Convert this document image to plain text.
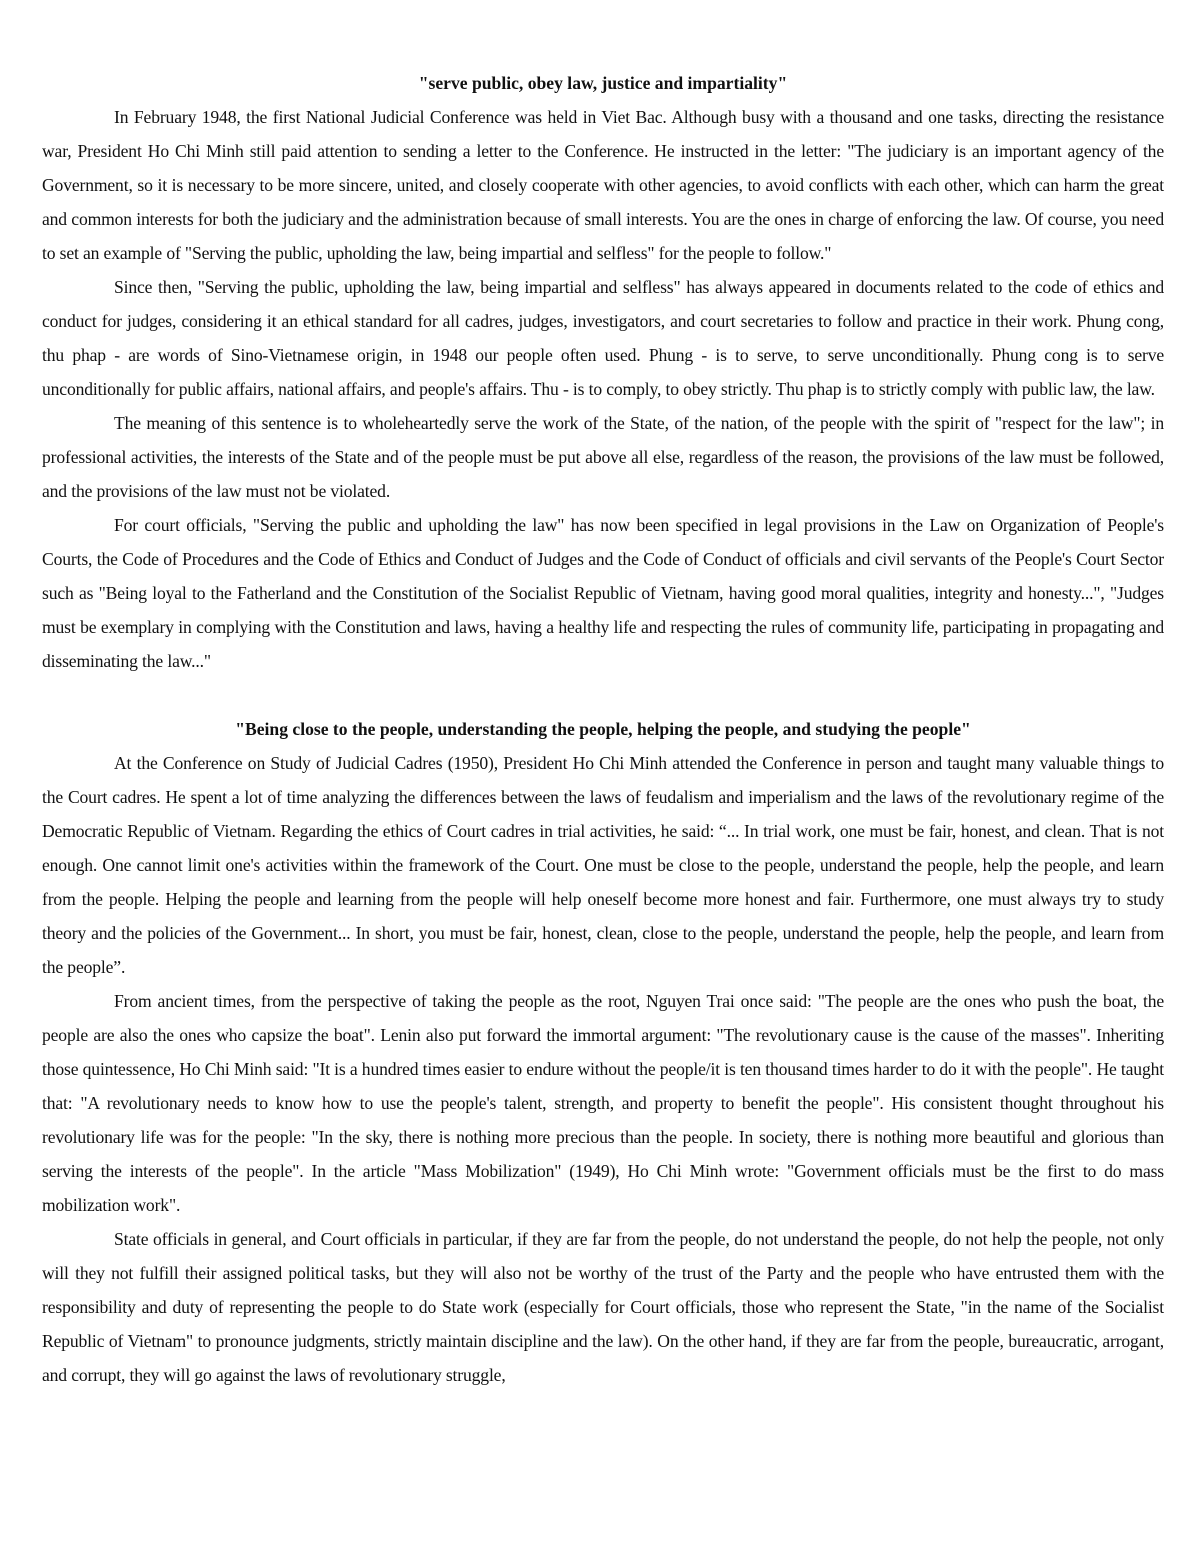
"serve public, obey law, justice and impartiality"

In February 1948, the first National Judicial Conference was held in Viet Bac. Although busy with a thousand and one tasks, directing the resistance war, President Ho Chi Minh still paid attention to sending a letter to the Conference. He instructed in the letter: "The judiciary is an important agency of the Government, so it is necessary to be more sincere, united, and closely cooperate with other agencies, to avoid conflicts with each other, which can harm the great and common interests for both the judiciary and the administration because of small interests. You are the ones in charge of enforcing the law. Of course, you need to set an example of "Serving the public, upholding the law, being impartial and selfless" for the people to follow."

Since then, "Serving the public, upholding the law, being impartial and selfless" has always appeared in documents related to the code of ethics and conduct for judges, considering it an ethical standard for all cadres, judges, investigators, and court secretaries to follow and practice in their work. Phung cong, thu phap - are words of Sino-Vietnamese origin, in 1948 our people often used. Phung - is to serve, to serve unconditionally. Phung cong is to serve unconditionally for public affairs, national affairs, and people's affairs. Thu - is to comply, to obey strictly. Thu phap is to strictly comply with public law, the law.

The meaning of this sentence is to wholeheartedly serve the work of the State, of the nation, of the people with the spirit of "respect for the law"; in professional activities, the interests of the State and of the people must be put above all else, regardless of the reason, the provisions of the law must be followed, and the provisions of the law must not be violated.

For court officials, "Serving the public and upholding the law" has now been specified in legal provisions in the Law on Organization of People's Courts, the Code of Procedures and the Code of Ethics and Conduct of Judges and the Code of Conduct of officials and civil servants of the People's Court Sector such as "Being loyal to the Fatherland and the Constitution of the Socialist Republic of Vietnam, having good moral qualities, integrity and honesty...", "Judges must be exemplary in complying with the Constitution and laws, having a healthy life and respecting the rules of community life, participating in propagating and disseminating the law..."

"Being close to the people, understanding the people, helping the people, and studying the people"

At the Conference on Study of Judicial Cadres (1950), President Ho Chi Minh attended the Conference in person and taught many valuable things to the Court cadres. He spent a lot of time analyzing the differences between the laws of feudalism and imperialism and the laws of the revolutionary regime of the Democratic Republic of Vietnam. Regarding the ethics of Court cadres in trial activities, he said: “... In trial work, one must be fair, honest, and clean. That is not enough. One cannot limit one's activities within the framework of the Court. One must be close to the people, understand the people, help the people, and learn from the people. Helping the people and learning from the people will help oneself become more honest and fair. Furthermore, one must always try to study theory and the policies of the Government... In short, you must be fair, honest, clean, close to the people, understand the people, help the people, and learn from the people”.

From ancient times, from the perspective of taking the people as the root, Nguyen Trai once said: "The people are the ones who push the boat, the people are also the ones who capsize the boat". Lenin also put forward the immortal argument: "The revolutionary cause is the cause of the masses". Inheriting those quintessence, Ho Chi Minh said: "It is a hundred times easier to endure without the people/it is ten thousand times harder to do it with the people". He taught that: "A revolutionary needs to know how to use the people's talent, strength, and property to benefit the people". His consistent thought throughout his revolutionary life was for the people: "In the sky, there is nothing more precious than the people. In society, there is nothing more beautiful and glorious than serving the interests of the people". In the article "Mass Mobilization" (1949), Ho Chi Minh wrote: "Government officials must be the first to do mass mobilization work".

State officials in general, and Court officials in particular, if they are far from the people, do not understand the people, do not help the people, not only will they not fulfill their assigned political tasks, but they will also not be worthy of the trust of the Party and the people who have entrusted them with the responsibility and duty of representing the people to do State work (especially for Court officials, those who represent the State, "in the name of the Socialist Republic of Vietnam" to pronounce judgments, strictly maintain discipline and the law). On the other hand, if they are far from the people, bureaucratic, arrogant, and corrupt, they will go against the laws of revolutionary struggle,
